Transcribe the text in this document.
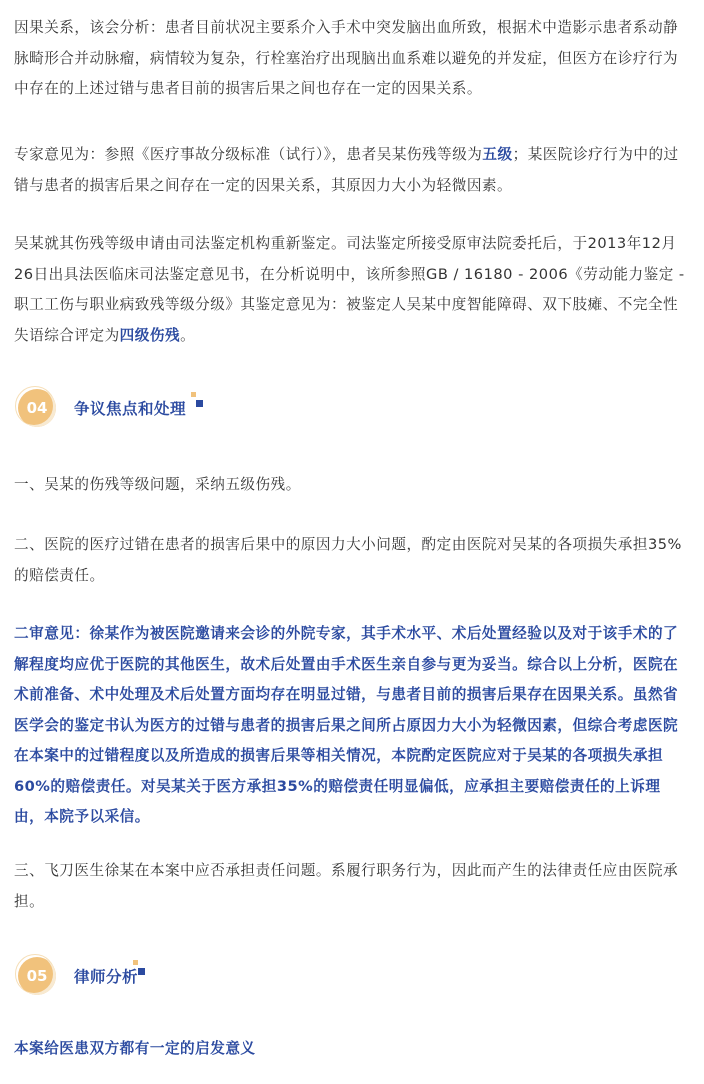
因果关系，该会分析：患者目前状况主要系介入手术中突发脑出血所致，根据术中造影示患者系动静脉畸形合并动脉瘤，病情较为复杂，行栓塞治疗出现脑出血系难以避免的并发症，但医方在诊疗行为中存在的上述过错与患者目前的损害后果之间也存在一定的因果关系。

专家意见为：参照《医疗事故分级标准（试行）》，患者吴某伤残等级为五级；某医院诊疗行为中的过错与患者的损害后果之间存在一定的因果关系，其原因力大小为轻微因素。

吴某就其伤残等级申请由司法鉴定机构重新鉴定。司法鉴定所接受原审法院委托后，于2013年12月26日出具法医临床司法鉴定意见书，在分析说明中，该所参照GB / 16180 - 2006《劳动能力鉴定 - 职工工伤与职业病致残等级分级》其鉴定意见为：被鉴定人吴某中度智能障碍、双下肢瘫、不完全性失语综合评定为四级伤残。

04	争议焦点和处理

一、吴某的伤残等级问题，采纳五级伤残。

二、医院的医疗过错在患者的损害后果中的原因力大小问题，酌定由医院对吴某的各项损失承担35%的赔偿责任。

二审意见：徐某作为被医院邀请来会诊的外院专家，其手术水平、术后处置经验以及对于该手术的了解程度均应优于医院的其他医生，故术后处置由手术医生亲自参与更为妥当。综合以上分析，医院在术前准备、术中处理及术后处置方面均存在明显过错，与患者目前的损害后果存在因果关系。虽然省医学会的鉴定书认为医方的过错与患者的损害后果之间所占原因力大小为轻微因素，但综合考虑医院在本案中的过错程度以及所造成的损害后果等相关情况，本院酌定医院应对于吴某的各项损失承担60%的赔偿责任。对吴某关于医方承担35%的赔偿责任明显偏低，应承担主要赔偿责任的上诉理由，本院予以采信。

三、飞刀医生徐某在本案中应否承担责任问题。系履行职务行为，因此而产生的法律责任应由医院承担。

05	律师分析

本案给医患双方都有一定的启发意义
